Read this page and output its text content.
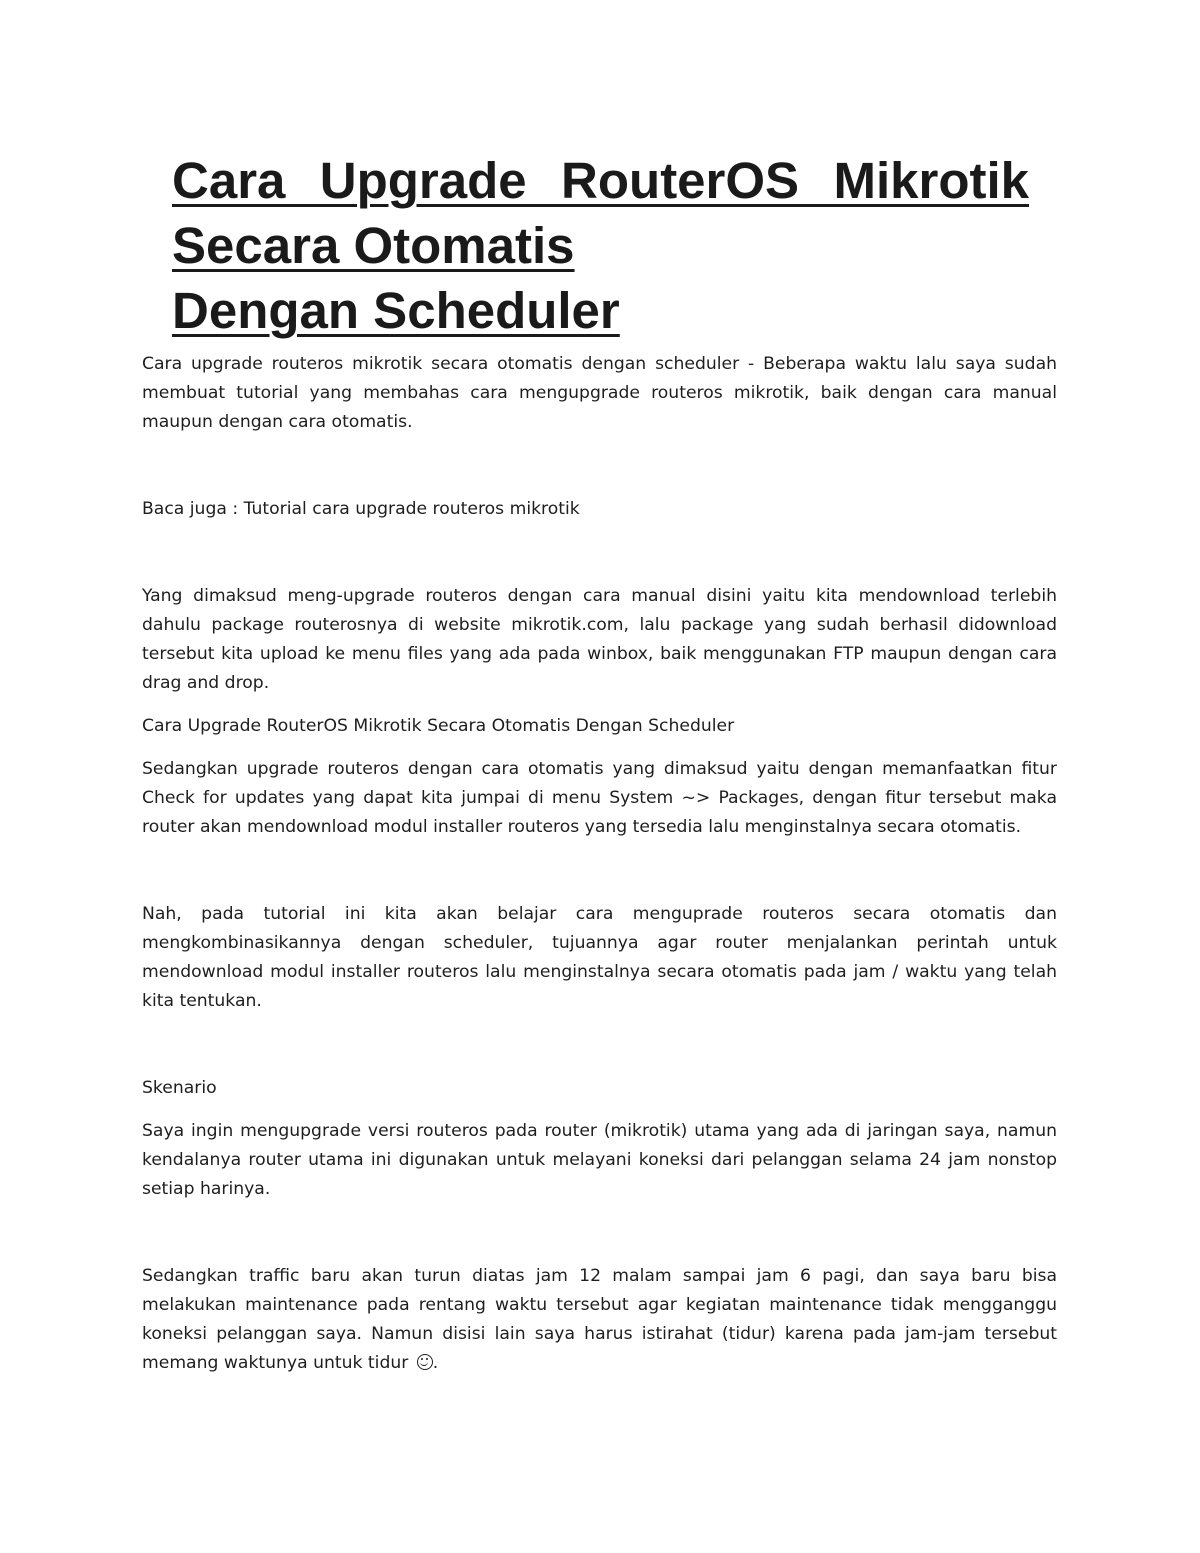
Cara Upgrade RouterOS Mikrotik Secara Otomatis
Dengan Scheduler

Cara upgrade routeros mikrotik secara otomatis dengan scheduler - Beberapa waktu lalu saya sudah membuat tutorial yang membahas cara mengupgrade routeros mikrotik, baik dengan cara manual maupun dengan cara otomatis.

Baca juga : Tutorial cara upgrade routeros mikrotik

Yang dimaksud meng-upgrade routeros dengan cara manual disini yaitu kita mendownload terlebih dahulu package routerosnya di website mikrotik.com, lalu package yang sudah berhasil didownload tersebut kita upload ke menu files yang ada pada winbox, baik menggunakan FTP maupun dengan cara drag and drop.

Cara Upgrade RouterOS Mikrotik Secara Otomatis Dengan Scheduler

Sedangkan upgrade routeros dengan cara otomatis yang dimaksud yaitu dengan memanfaatkan fitur Check for updates yang dapat kita jumpai di menu System ~> Packages, dengan fitur tersebut maka router akan mendownload modul installer routeros yang tersedia lalu menginstalnya secara otomatis.

Nah, pada tutorial ini kita akan belajar cara menguprade routeros secara otomatis dan mengkombinasikannya dengan scheduler, tujuannya agar router menjalankan perintah untuk mendownload modul installer routeros lalu menginstalnya secara otomatis pada jam / waktu yang telah kita tentukan.

Skenario

Saya ingin mengupgrade versi routeros pada router (mikrotik) utama yang ada di jaringan saya, namun kendalanya router utama ini digunakan untuk melayani koneksi dari pelanggan selama 24 jam nonstop setiap harinya.

Sedangkan traffic baru akan turun diatas jam 12 malam sampai jam 6 pagi, dan saya baru bisa melakukan maintenance pada rentang waktu tersebut agar kegiatan maintenance tidak mengganggu koneksi pelanggan saya. Namun disisi lain saya harus istirahat (tidur) karena pada jam-jam tersebut memang waktunya untuk tidur .
